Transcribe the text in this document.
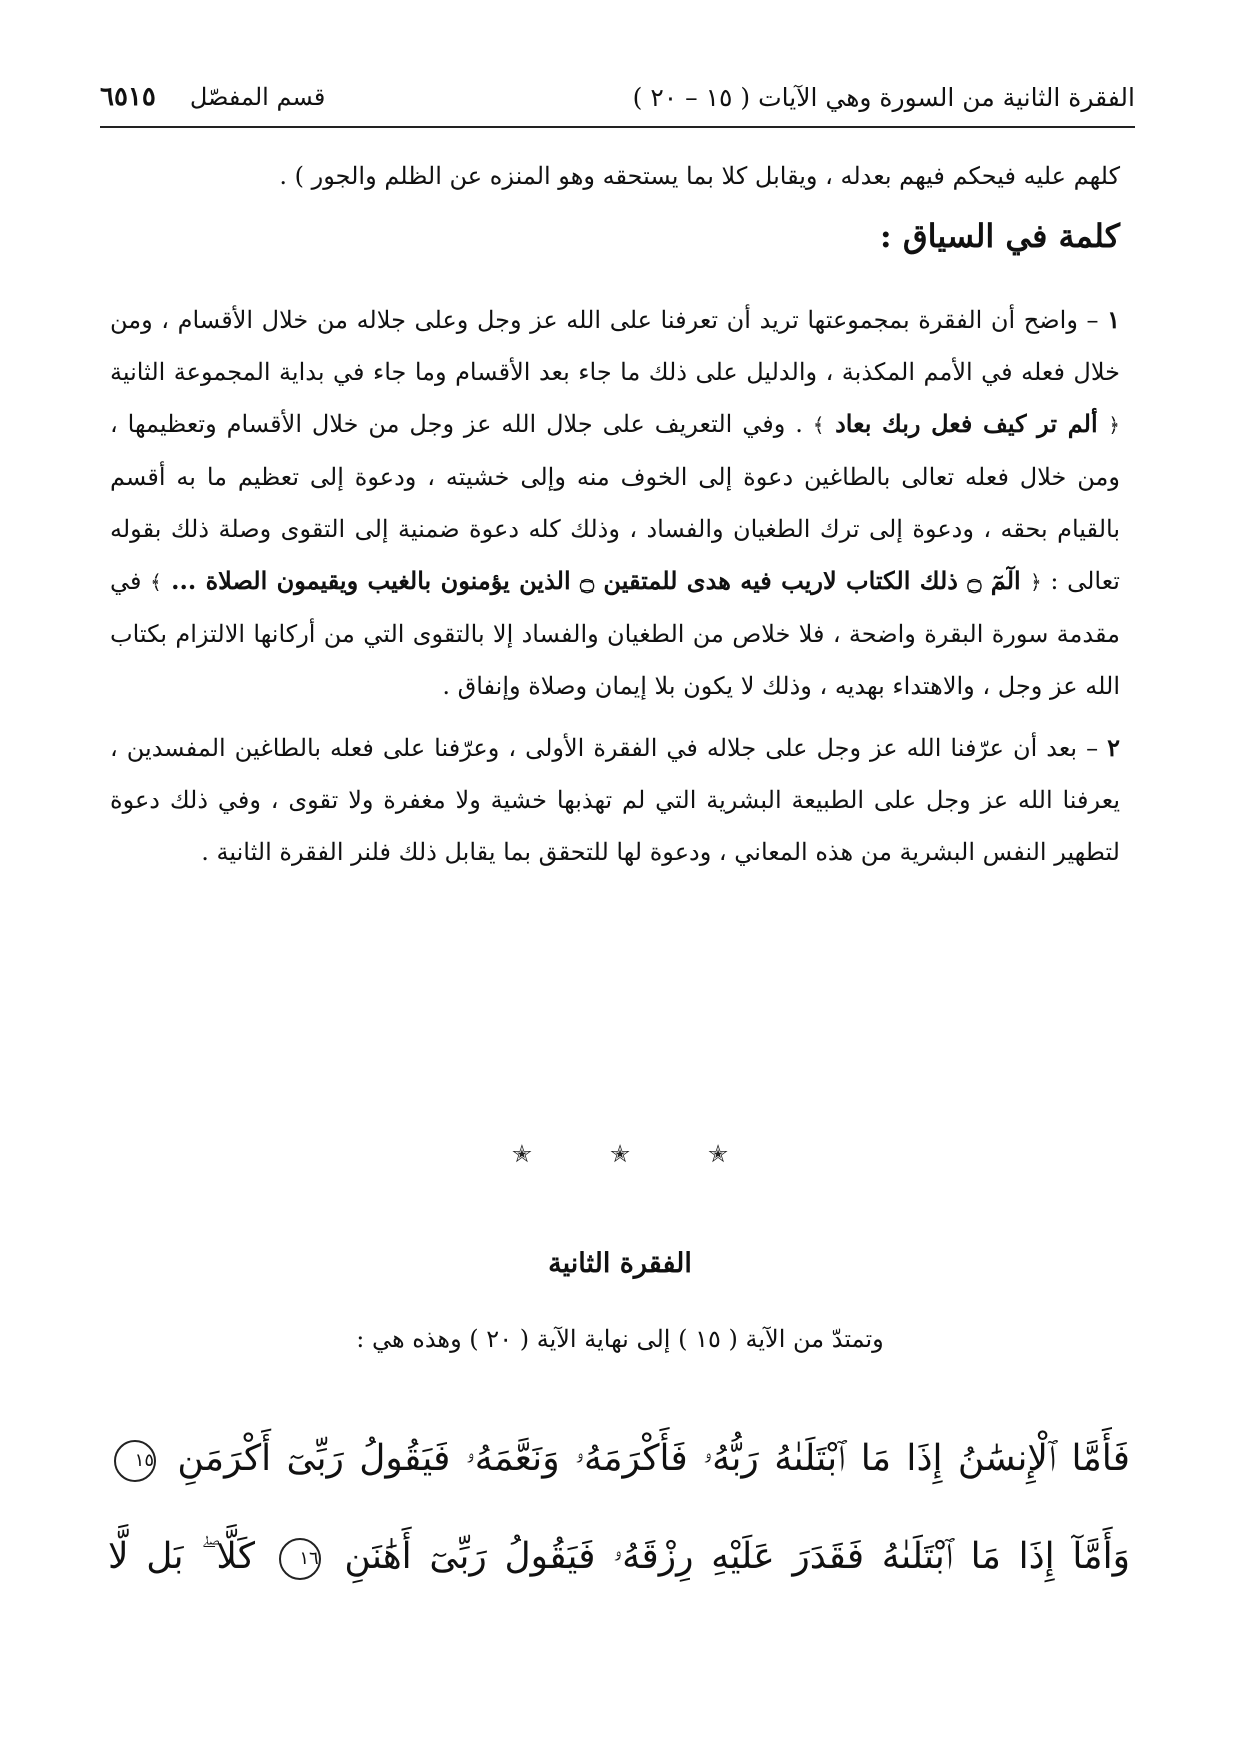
الفقرة الثانية من السورة وهي الآيات ( ١٥ – ٢٠ )
قسم المفصّل
٦٥١٥

كلهم عليه فيحكم فيهم بعدله ، ويقابل كلا بما يستحقه وهو المنزه عن الظلم والجور ) .

كلمة في السياق :

١ – واضح أن الفقرة بمجموعتها تريد أن تعرفنا على الله عز وجل وعلى جلاله من خلال الأقسام ، ومن خلال فعله في الأمم المكذبة ، والدليل على ذلك ما جاء بعد الأقسام وما جاء في بداية المجموعة الثانية ﴿ ألم تر كيف فعل ربك بعاد ﴾ . وفي التعريف على جلال الله عز وجل من خلال الأقسام وتعظيمها ، ومن خلال فعله تعالى بالطاغين دعوة إلى الخوف منه وإلى خشيته ، ودعوة إلى تعظيم ما به أقسم بالقيام بحقه ، ودعوة إلى ترك الطغيان والفساد ، وذلك كله دعوة ضمنية إلى التقوى وصلة ذلك بقوله تعالى : ﴿ الٓمٓ ۝ ذلك الكتاب لاريب فيه هدى للمتقين ۝ الذين يؤمنون بالغيب ويقيمون الصلاة ... ﴾ في مقدمة سورة البقرة واضحة ، فلا خلاص من الطغيان والفساد إلا بالتقوى التي من أركانها الالتزام بكتاب الله عز وجل ، والاهتداء بهديه ، وذلك لا يكون بلا إيمان وصلاة وإنفاق .

٢ – بعد أن عرّفنا الله عز وجل على جلاله في الفقرة الأولى ، وعرّفنا على فعله بالطاغين المفسدين ، يعرفنا الله عز وجل على الطبيعة البشرية التي لم تهذبها خشية ولا مغفرة ولا تقوى ، وفي ذلك دعوة لتطهير النفس البشرية من هذه المعاني ، ودعوة لها للتحقق بما يقابل ذلك فلنر الفقرة الثانية .

✭	✭	✭
الفقرة الثانية
وتمتدّ من الآية ( ١٥ ) إلى نهاية الآية ( ٢٠ ) وهذه هي :
فَأَمَّا ٱلْإِنسَٰنُ إِذَا مَا ٱبْتَلَىٰهُ رَبُّهُۥ فَأَكْرَمَهُۥ وَنَعَّمَهُۥ فَيَقُولُ رَبِّىٓ أَكْرَمَنِ ١٥
وَأَمَّآ إِذَا مَا ٱبْتَلَىٰهُ فَقَدَرَ عَلَيْهِ رِزْقَهُۥ فَيَقُولُ رَبِّىٓ أَهَٰنَنِ ١٦ كَلَّا ۖ بَل لَّا
